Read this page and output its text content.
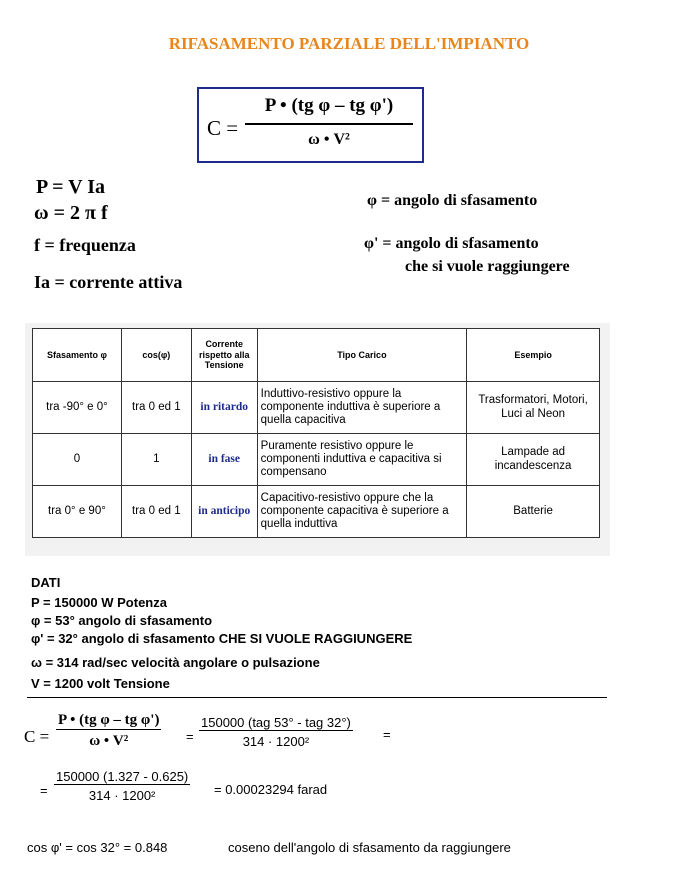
RIFASAMENTO PARZIALE DELL'IMPIANTO
C =
P • (tg φ – tg φ')
ω • V²
P = V Ia
ω = 2 π f
f = frequenza
Ia = corrente attiva
φ = angolo di sfasamento
φ' = angolo di sfasamento
che si vuole raggiungere
Sfasamento φ	cos(φ)	Corrente rispetto alla Tensione	Tipo Carico	Esempio
tra -90° e 0°	tra 0 ed 1	in ritardo	Induttivo-resistivo oppure la componente induttiva è superiore a quella capacitiva	Trasformatori, Motori, Luci al Neon
0	1	in fase	Puramente resistivo oppure le componenti induttiva e capacitiva si compensano	Lampade ad incandescenza
tra 0° e 90°	tra 0 ed 1	in anticipo	Capacitivo-resistivo oppure che la componente capacitiva è superiore a quella induttiva	Batterie
DATI
P = 150000 W Potenza
φ = 53° angolo di sfasamento
φ' = 32° angolo di sfasamento CHE SI VUOLE RAGGIUNGERE
ω = 314 rad/sec velocità angolare o pulsazione
V = 1200 volt Tensione
$C = \frac{\text{P • (tg φ – tg φ')}}{\text{ω • V²}} = \frac{\text{150000 (tag 53° - tag 32°)}}{\text{314 · 1200²}}$ =
= $\frac{150000 (1.327 - 0.625)}{\text{314 · 1200²}} = 0.00023294$ farad
cos φ' = cos 32° = 0.848	coseno dell'angolo di sfasamento da raggiungere
